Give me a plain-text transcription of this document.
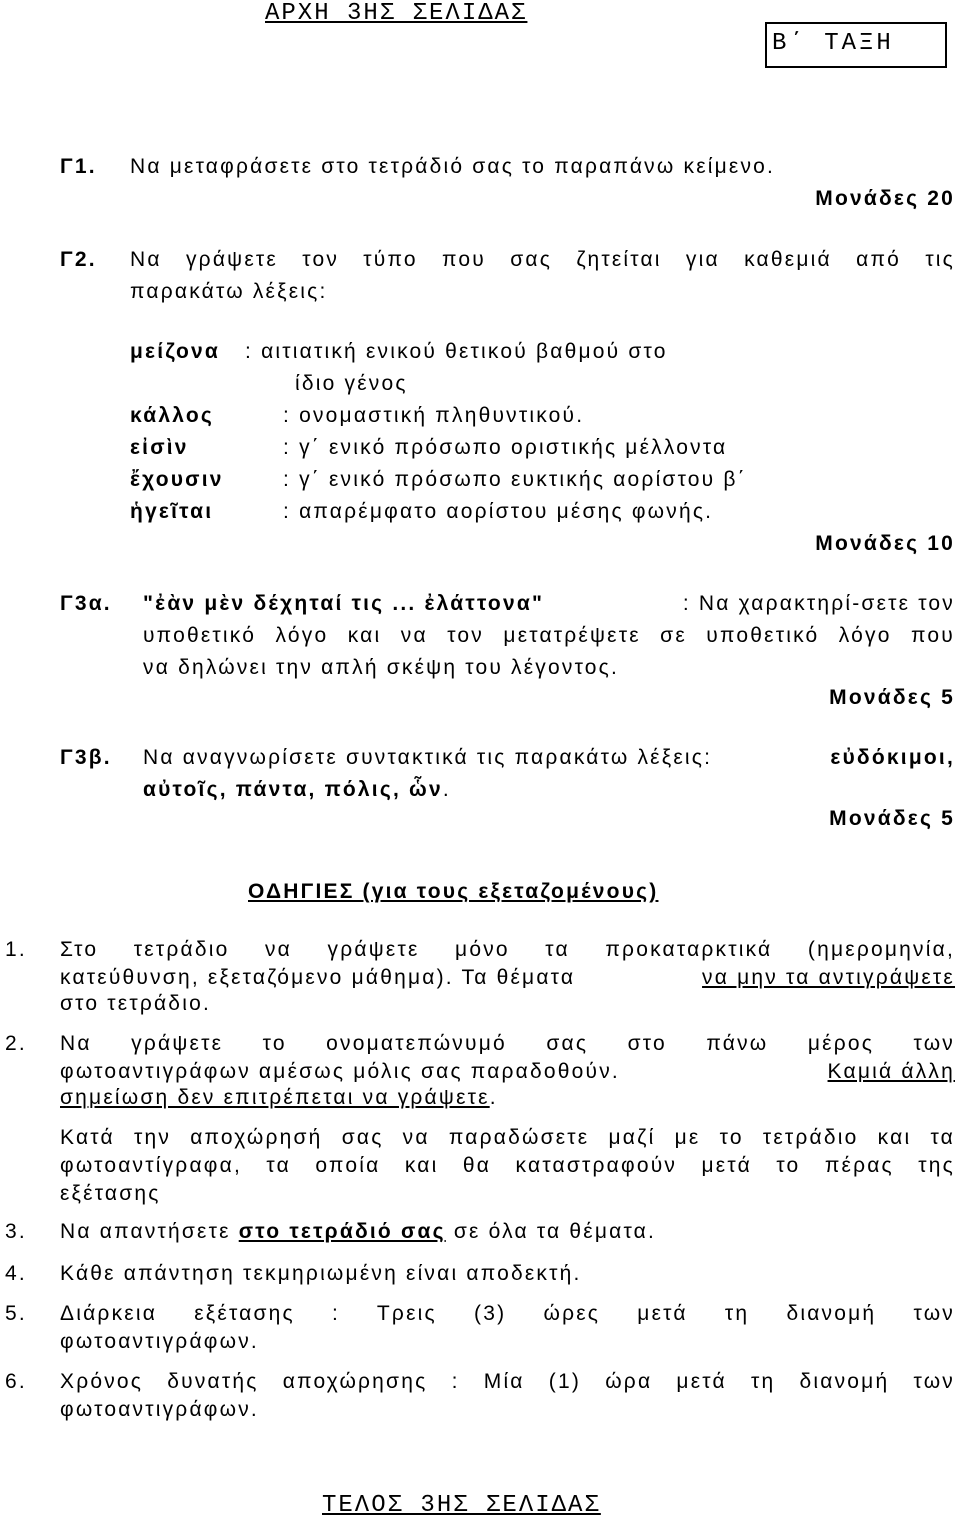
ΑΡΧΗ 3ΗΣ ΣΕΛΙΔΑΣ
Β΄ ΤΑΞΗ
Γ1. Να μεταφράσετε στο τετράδιό σας το παραπάνω κείμενο.
Μονάδες 20
Γ2. Να γράψετε τον τύπο που σας ζητείται για καθεμιά από τις
παρακάτω λέξεις:
μείζονα : αιτιατική ενικού θετικού βαθμού στο
ίδιο γένος
κάλλος	: ονομαστική πληθυντικού.
εἰσὶν	: γ΄ ενικό πρόσωπο οριστικής μέλλοντα
ἔχουσιν	: γ΄ ενικό πρόσωπο ευκτικής αορίστου β΄
ἡγεῖται	: απαρέμφατο αορίστου μέσης φωνής.
Μονάδες 10
Γ3α. "ἐὰν μὲν δέχηταί τις ... ἐλάττονα"	: Να χαρακτηρί-σετε τον
υποθετικό λόγο και να τον μετατρέψετε σε υποθετικό λόγο που
να δηλώνει την απλή σκέψη του λέγοντος.
Μονάδες 5
Γ3β. Να αναγνωρίσετε συντακτικά τις παρακάτω λέξεις:	εὐδόκιμοι,
αὐτοῖς, πάντα, πόλις, ὧν.
Μονάδες 5
ΟΔΗΓΙΕΣ (για τους εξεταζομένους)
1. Στο τετράδιο να γράψετε μόνο τα προκαταρκτικά (ημερομηνία,
κατεύθυνση, εξεταζόμενο μάθημα). Τα θέματα	να μην τα αντιγράψετε
στο τετράδιο.
2. Να γράψετε το ονοματεπώνυμό σας στο πάνω μέρος των
φωτοαντιγράφων αμέσως μόλις σας παραδοθούν.	Καμιά άλλη
σημείωση δεν επιτρέπεται να γράψετε.
Κατά την αποχώρησή σας να παραδώσετε μαζί με το τετράδιο και τα
φωτοαντίγραφα, τα οποία και θα καταστραφούν μετά το πέρας της
εξέτασης
3. Να απαντήσετε στο τετράδιό σας σε όλα τα θέματα.
4. Κάθε απάντηση τεκμηριωμένη είναι αποδεκτή.
5. Διάρκεια εξέτασης : Τρεις (3) ώρες μετά τη διανομή των
φωτοαντιγράφων.
6. Χρόνος δυνατής αποχώρησης : Μία (1) ώρα μετά τη διανομή των
φωτοαντιγράφων.
ΤΕΛΟΣ 3ΗΣ ΣΕΛΙΔΑΣ
